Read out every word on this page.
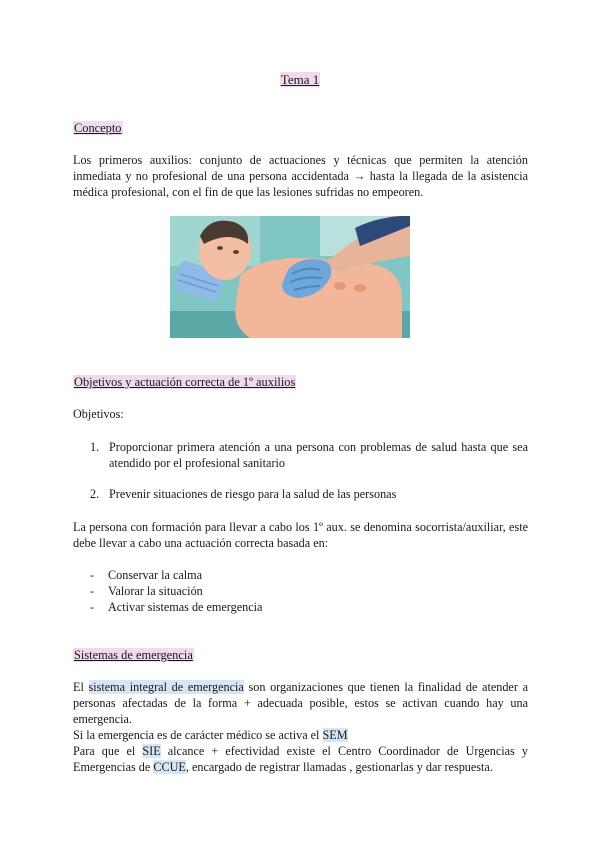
Tema 1
Concepto
Los primeros auxilios: conjunto de actuaciones y técnicas que permiten la atención inmediata y no profesional de una persona accidentada → hasta la llegada de la asistencia médica profesional, con el fin de que las lesiones sufridas no empeoren.
Objetivos y actuación correcta de 1º auxilios
Objetivos:
1. Proporcionar primera atención a una persona con problemas de salud hasta que sea atendido por el profesional sanitario
2. Prevenir situaciones de riesgo para la salud de las personas
La persona con formación para llevar a cabo los 1º aux. se denomina socorrista/auxiliar, este debe llevar a cabo una actuación correcta basada en:
- Conservar la calma
- Valorar la situación
- Activar sistemas de emergencia
Sistemas de emergencia
El sistema integral de emergencia son organizaciones que tienen la finalidad de atender a personas afectadas de la forma + adecuada posible, estos se activan cuando hay una emergencia.
Si la emergencia es de carácter médico se activa el SEM
Para que el SIE alcance + efectividad existe el Centro Coordinador de Urgencias y Emergencias de CCUE, encargado de registrar llamadas , gestionarlas y dar respuesta.
